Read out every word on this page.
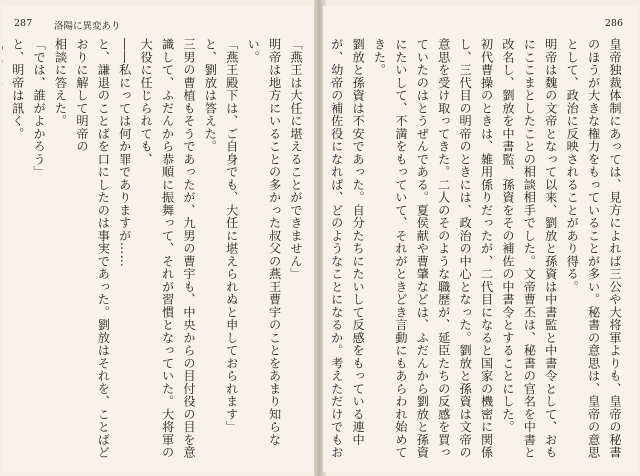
287 洛陽に異変あり

「燕王は大任に堪えることができません」

明帝は地方にいることの多かった叔父の燕王曹宇のことをあまり知らない。

「燕王殿下は、ご自身でも、大任に堪えられぬと申しておられます」

と、劉放は答えた。

三男の曹植もそうであったが、九男の曹宇も、中央からの目付役の目を意識して、ふだんから恭順に振舞って、それが習慣となっていた。大将軍の大役に任じられても、

――私にっては何か罪でありますが……

と、謙退のことばを口にしたのは事実であった。劉放はそれを、ことばどおりに解して明帝の

相談に答えた。

「では、誰がよかろう」

と、明帝は訊く。

286

皇帝独裁体制にあっては、見方によれば三公や大将軍よりも、皇帝の秘書のほうが大きな権力をもっていることが多い。秘書の意思は、皇帝の意思として、政治に反映されることがあり得る。

明帝は魏の文帝となって以来、劉放と孫資は中書監と中書令として、おもにここまとしたことの相談相手でした。文帝曹丕は、秘書の官名を中書と改名し、劉放を中書監、孫資をその補佐の中書令とすることにした。

初代曹操のときは、雑用係りだったが、二代目になると国家の機密に関係し、三代目の明帝のときには、政治の中心となった。劉放と孫資は文帝の意思を受け取ってきた。二人のそのような職歴が、延臣たちの反感を買っていたのはとうぜんである。夏侯献や曹肇などは、ふだんから劉放と孫資にたいして、不満をもっていて、それがときどき言動にもあらわれ始めてきた。

劉放と孫資は不安であった。自分たちにたいして反感をもっている連中が、幼帝の補佐役になれば、どのようなことになるか。考えただけでもお
